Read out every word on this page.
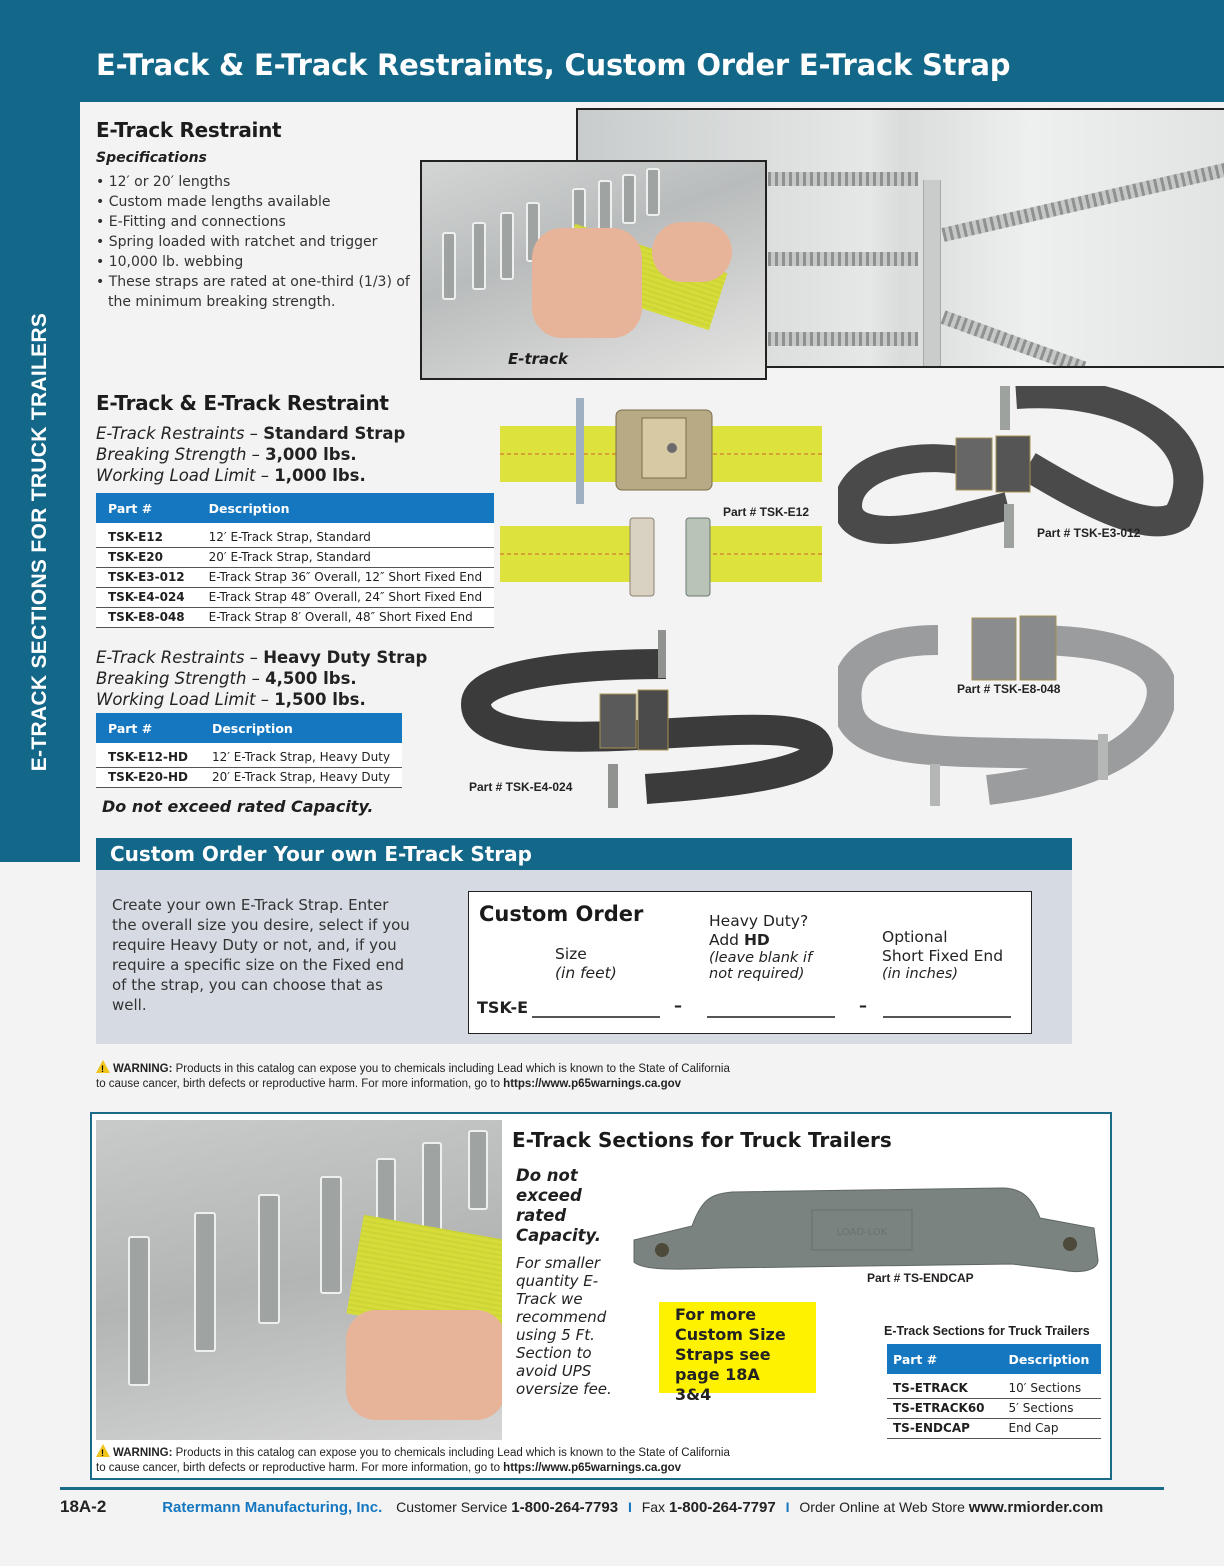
E-Track & E-Track Restraints, Custom Order E-Track Strap
E-TRACK SECTIONS FOR TRUCK TRAILERS
E-Track Restraint
Specifications
• 12′ or 20′ lengths
• Custom made lengths available
• E-Fitting and connections
• Spring loaded with ratchet and trigger
• 10,000 lb. webbing
• These straps are rated at one-third (1/3) of the minimum breaking strength.
E-track
E-Track & E-Track Restraint
E-Track Restraints – Standard Strap
Breaking Strength – 3,000 lbs.
Working Load Limit – 1,000 lbs.
Part #	Description

TSK-E12	12′ E-Track Strap, Standard
TSK-E20	20′ E-Track Strap, Standard
TSK-E3-012	E-Track Strap 36″ Overall, 12″ Short Fixed End
TSK-E4-024	E-Track Strap 48″ Overall, 24″ Short Fixed End
TSK-E8-048	E-Track Strap 8′ Overall, 48″ Short Fixed End
E-Track Restraints – Heavy Duty Strap
Breaking Strength – 4,500 lbs.
Working Load Limit – 1,500 lbs.
Part #	Description

TSK-E12-HD	12′ E-Track Strap, Heavy Duty
TSK-E20-HD	20′ E-Track Strap, Heavy Duty
Do not exceed rated Capacity.
Part # TSK-E12
Part # TSK-E3-012
Part # TSK-E4-024
Part # TSK-E8-048
Custom Order Your own E-Track Strap

Create your own E-Track Strap. Enter the overall size you desire, select if you require Heavy Duty or not, and, if you require a specific size on the Fixed end of the strap, you can choose that as well.

Custom Order
Size
(in feet)
Heavy Duty?
Add HD
(leave blank if
not required)
Optional
Short Fixed End
(in inches)
TSK-E	–	–
!WARNING: Products in this catalog can expose you to chemicals including Lead which is known to the State of California
to cause cancer, birth defects or reproductive harm. For more information, go to https://www.p65warnings.ca.gov
E-Track Sections for Truck Trailers
Do not exceed rated Capacity.
For smaller quantity E-Track we recommend using 5 Ft. Section to avoid UPS oversize fee.
LOAD-LOK
Part # TS-ENDCAP
For more Custom Size Straps see page 18A 3&4
E-Track Sections for Truck Trailers
Part #	Description

TS-ETRACK	10′ Sections
TS-ETRACK60	5′ Sections
TS-ENDCAP	End Cap
!WARNING: Products in this catalog can expose you to chemicals including Lead which is known to the State of California
to cause cancer, birth defects or reproductive harm. For more information, go to https://www.p65warnings.ca.gov
18A-2	Ratermann Manufacturing, Inc. Customer Service 1-800-264-7793 I Fax 1-800-264-7797 I Order Online at Web Store www.rmiorder.com
